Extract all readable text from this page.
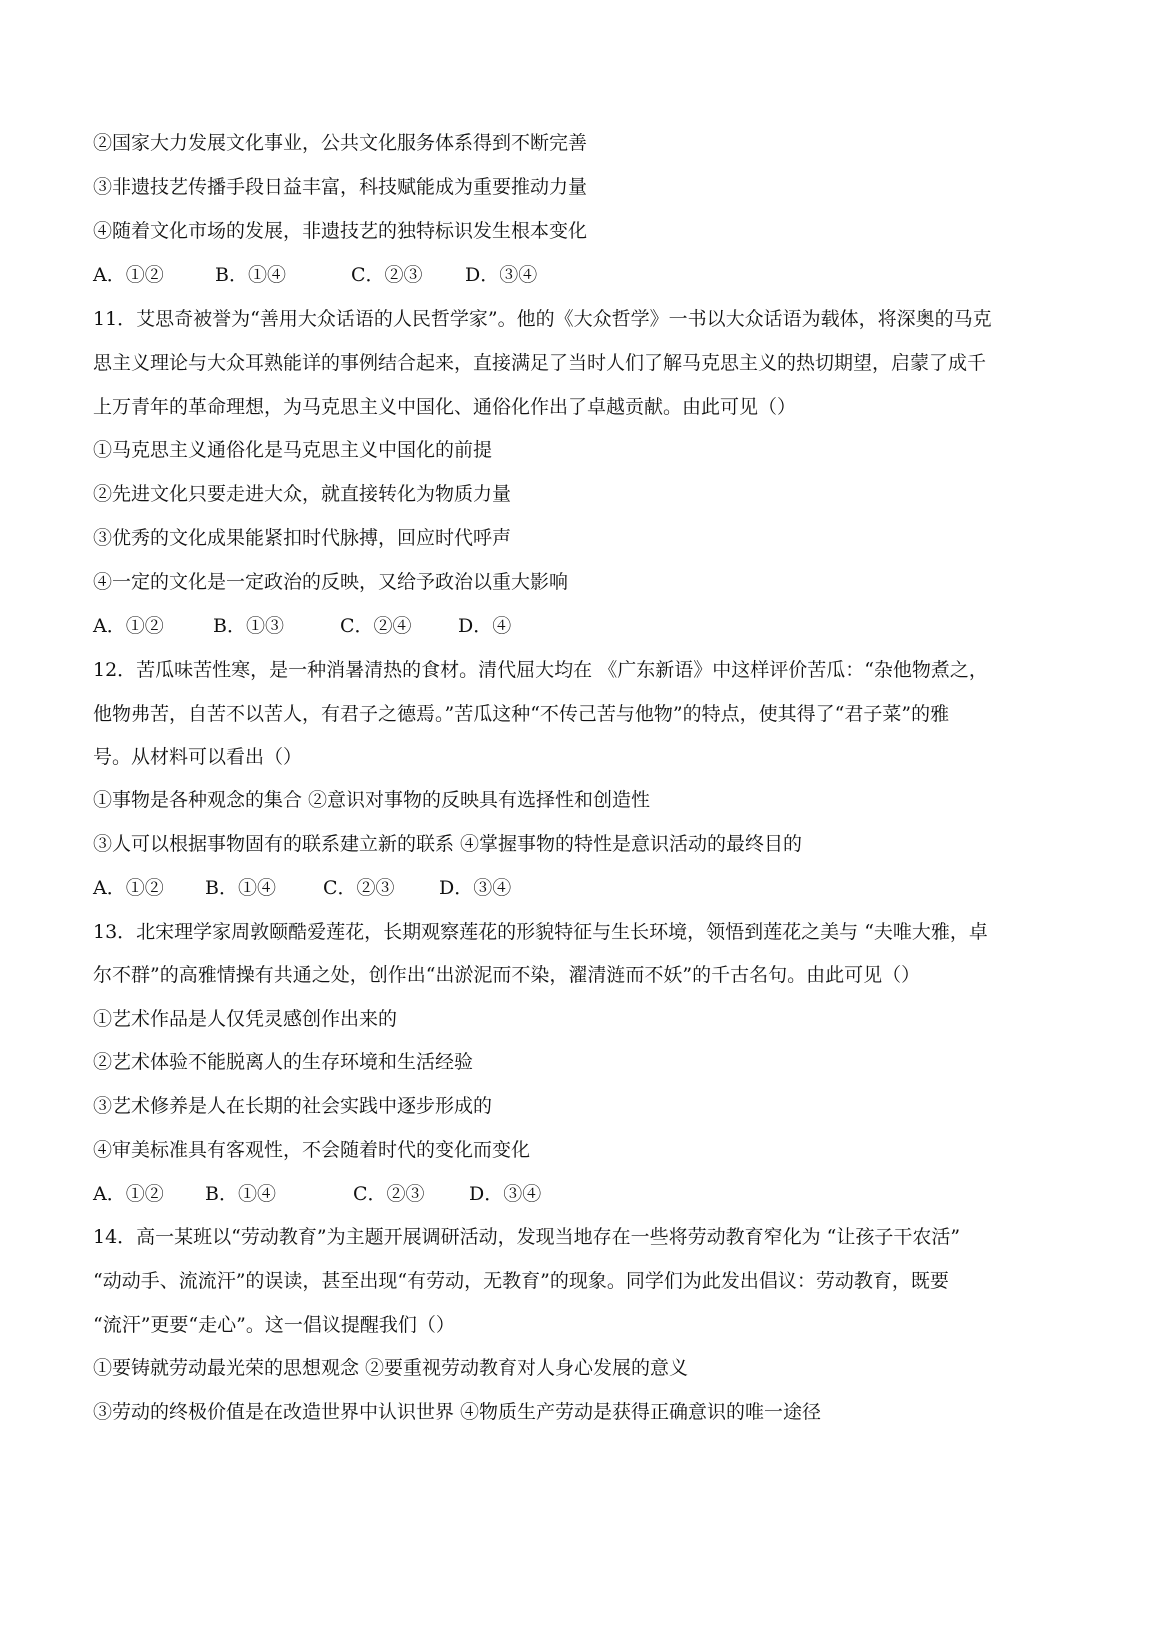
②国家大力发展文化事业，公共文化服务体系得到不断完善
③非遗技艺传播手段日益丰富，科技赋能成为重要推动力量
④随着文化市场的发展，非遗技艺的独特标识发生根本变化
A．①②	B．①④	C．②③	D．③④
11．艾思奇被誉为“善用大众话语的人民哲学家”。他的《大众哲学》一书以大众话语为载体，将深奥的马克
思主义理论与大众耳熟能详的事例结合起来，直接满足了当时人们了解马克思主义的热切期望，启蒙了成千
上万青年的革命理想，为马克思主义中国化、通俗化作出了卓越贡献。由此可见（）
①马克思主义通俗化是马克思主义中国化的前提
②先进文化只要走进大众，就直接转化为物质力量
③优秀的文化成果能紧扣时代脉搏，回应时代呼声
④一定的文化是一定政治的反映，又给予政治以重大影响
A．①②	B．①③	C．②④	D．④
12．苦瓜味苦性寒，是一种消暑清热的食材。清代屈大均在 《广东新语》中这样评价苦瓜：“杂他物煮之，
他物弗苦，自苦不以苦人，有君子之德焉。”苦瓜这种“不传己苦与他物”的特点，使其得了“君子菜”的雅
号。从材料可以看出（）
①事物是各种观念的集合 ②意识对事物的反映具有选择性和创造性
③人可以根据事物固有的联系建立新的联系 ④掌握事物的特性是意识活动的最终目的
A．①②	B．①④	C．②③	D．③④
13．北宋理学家周敦颐酷爱莲花，长期观察莲花的形貌特征与生长环境，领悟到莲花之美与 “夫唯大雅，卓
尔不群”的高雅情操有共通之处，创作出“出淤泥而不染，濯清涟而不妖”的千古名句。由此可见（）
①艺术作品是人仅凭灵感创作出来的
②艺术体验不能脱离人的生存环境和生活经验
③艺术修养是人在长期的社会实践中逐步形成的
④审美标准具有客观性，不会随着时代的变化而变化
A．①②	B．①④	C．②③	D．③④
14．高一某班以“劳动教育”为主题开展调研活动，发现当地存在一些将劳动教育窄化为 “让孩子干农活”
“动动手、流流汗”的误读，甚至出现“有劳动，无教育”的现象。同学们为此发出倡议：劳动教育，既要
“流汗”更要“走心”。这一倡议提醒我们（）
①要铸就劳动最光荣的思想观念 ②要重视劳动教育对人身心发展的意义
③劳动的终极价值是在改造世界中认识世界 ④物质生产劳动是获得正确意识的唯一途径
